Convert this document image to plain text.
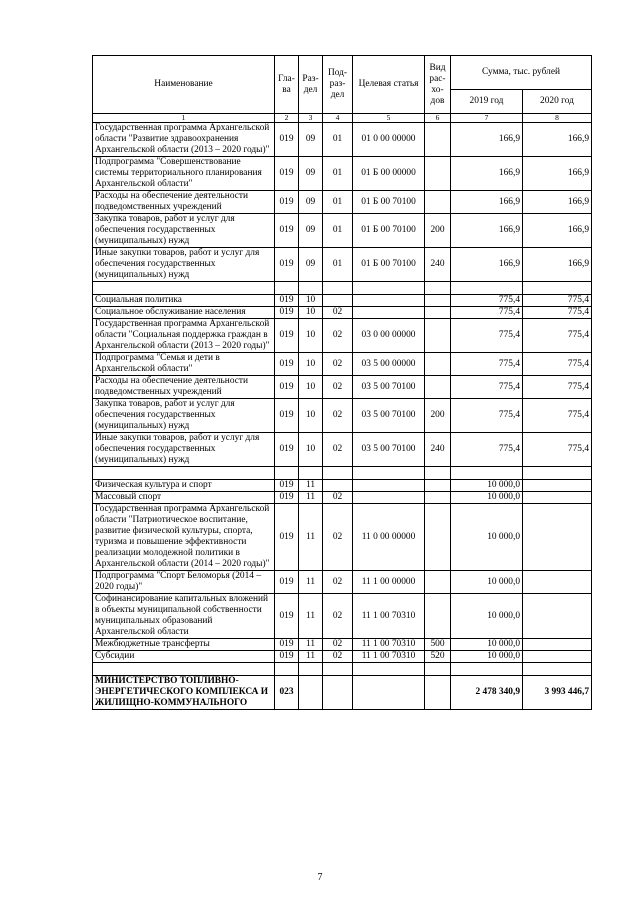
Наименование	Гла-ва	Раз-дел	Под-раз-дел	Целевая статья	Вид рас-хо-дов	Сумма, тыс. рублей	
						2019 год	2020 год
1	2	3	4	5	6	7	8
Государственная программа Архангельской области "Развитие здравоохранения Архангельской области (2013 – 2020 годы)"	019	09	01	01 0 00 00000		166,9	166,9
Подпрограмма "Совершенствование системы территориального планирования Архангельской области"	019	09	01	01 Б 00 00000		166,9	166,9
Расходы на обеспечение деятельности подведомственных учреждений	019	09	01	01 Б 00 70100		166,9	166,9
Закупка товаров, работ и услуг для обеспечения государственных (муниципальных) нужд	019	09	01	01 Б 00 70100	200	166,9	166,9
Иные закупки товаров, работ и услуг для обеспечения государственных (муниципальных) нужд	019	09	01	01 Б 00 70100	240	166,9	166,9

Социальная политика	019	10				775,4	775,4
Социальное обслуживание населения	019	10	02			775,4	775,4
Государственная программа Архангельской области "Социальная поддержка граждан в Архангельской области (2013 – 2020 годы)"	019	10	02	03 0 00 00000		775,4	775,4
Подпрограмма "Семья и дети в Архангельской области"	019	10	02	03 5 00 00000		775,4	775,4
Расходы на обеспечение деятельности подведомственных учреждений	019	10	02	03 5 00 70100		775,4	775,4
Закупка товаров, работ и услуг для обеспечения государственных (муниципальных) нужд	019	10	02	03 5 00 70100	200	775,4	775,4
Иные закупки товаров, работ и услуг для обеспечения государственных (муниципальных) нужд	019	10	02	03 5 00 70100	240	775,4	775,4

Физическая культура и спорт	019	11				10 000,0	
Массовый спорт	019	11	02			10 000,0	
Государственная программа Архангельской области "Патриотическое воспитание, развитие физической культуры, спорта, туризма и повышение эффективности реализации молодежной политики в Архангельской области (2014 – 2020 годы)"	019	11	02	11 0 00 00000		10 000,0	
Подпрограмма "Спорт Беломорья (2014 – 2020 годы)"	019	11	02	11 1 00 00000		10 000,0	
Софинансирование капитальных вложений в объекты муниципальной собственности муниципальных образований Архангельской области	019	11	02	11 1 00 70310		10 000,0	
Межбюджетные трансферты	019	11	02	11 1 00 70310	500	10 000,0	
Субсидии	019	11	02	11 1 00 70310	520	10 000,0	

МИНИСТЕРСТВО ТОПЛИВНО-ЭНЕРГЕТИЧЕСКОГО КОМПЛЕКСА И ЖИЛИЩНО-КОММУНАЛЬНОГО	023					2 478 340,9	3 993 446,7
7
